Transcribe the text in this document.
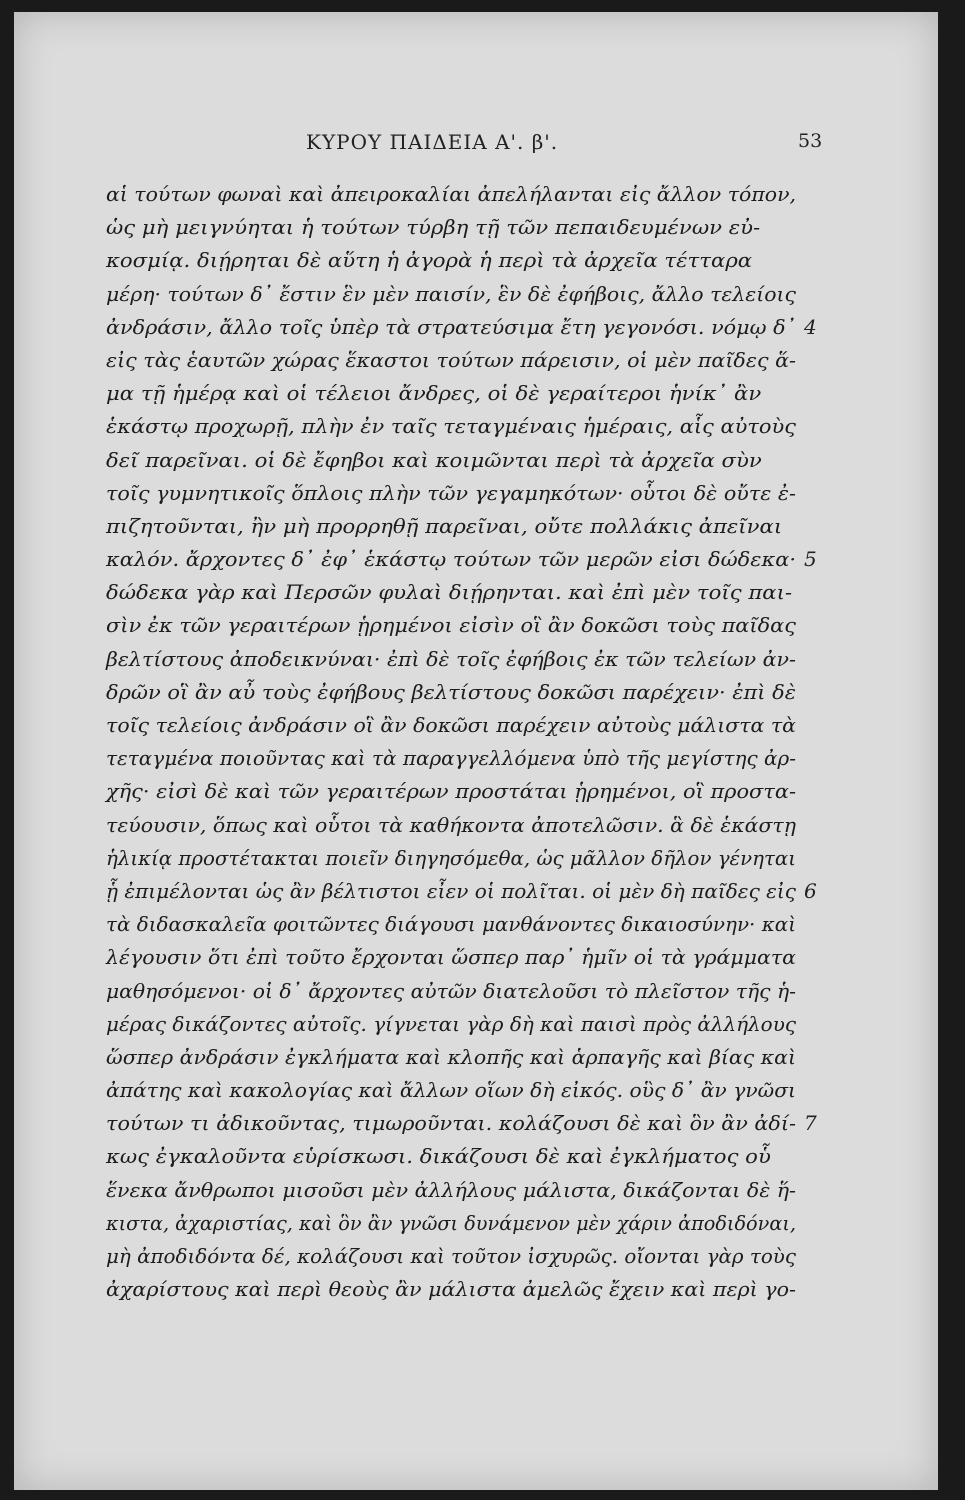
ΚΥΡΟΥ ΠΑΙΔΕΙΑ Α'. β'.	53
αἱ τούτων φωναὶ καὶ ἀπειροκαλίαι ἀπελήλανται εἰς ἄλλον τόπον,
ὡς μὴ μειγνύηται ἡ τούτων τύρβη τῇ τῶν πεπαιδευμένων εὐ-
κοσμίᾳ. διῄρηται δὲ αὕτη ἡ ἀγορὰ ἡ περὶ τὰ ἀρχεῖα τέτταρα
μέρη· τούτων δ᾽ ἔστιν ἓν μὲν παισίν, ἓν δὲ ἐφήβοις, ἄλλο τελείοις
ἀνδράσιν, ἄλλο τοῖς ὑπὲρ τὰ στρατεύσιμα ἔτη γεγονόσι. νόμῳ δ᾽ 4
εἰς τὰς ἑαυτῶν χώρας ἕκαστοι τούτων πάρεισιν, οἱ μὲν παῖδες ἅ-
μα τῇ ἡμέρᾳ καὶ οἱ τέλειοι ἄνδρες, οἱ δὲ γεραίτεροι ἡνίκ᾽ ἂν
ἑκάστῳ προχωρῇ, πλὴν ἐν ταῖς τεταγμέναις ἡμέραις, αἷς αὐτοὺς
δεῖ παρεῖναι. οἱ δὲ ἔφηβοι καὶ κοιμῶνται περὶ τὰ ἀρχεῖα σὺν
τοῖς γυμνητικοῖς ὅπλοις πλὴν τῶν γεγαμηκότων· οὗτοι δὲ οὔτε ἐ-
πιζητοῦνται, ἢν μὴ προρρηθῇ παρεῖναι, οὔτε πολλάκις ἀπεῖναι
καλόν. ἄρχοντες δ᾽ ἐφ᾽ ἑκάστῳ τούτων τῶν μερῶν εἰσι δώδεκα· 5
δώδεκα γὰρ καὶ Περσῶν φυλαὶ διῄρηνται. καὶ ἐπὶ μὲν τοῖς παι-
σὶν ἐκ τῶν γεραιτέρων ᾑρημένοι εἰσὶν οἳ ἂν δοκῶσι τοὺς παῖδας
βελτίστους ἀποδεικνύναι· ἐπὶ δὲ τοῖς ἐφήβοις ἐκ τῶν τελείων ἀν-
δρῶν οἳ ἂν αὖ τοὺς ἐφήβους βελτίστους δοκῶσι παρέχειν· ἐπὶ δὲ
τοῖς τελείοις ἀνδράσιν οἳ ἂν δοκῶσι παρέχειν αὐτοὺς μάλιστα τὰ
τεταγμένα ποιοῦντας καὶ τὰ παραγγελλόμενα ὑπὸ τῆς μεγίστης ἀρ-
χῆς· εἰσὶ δὲ καὶ τῶν γεραιτέρων προστάται ᾑρημένοι, οἳ προστα-
τεύουσιν, ὅπως καὶ οὗτοι τὰ καθήκοντα ἀποτελῶσιν. ἃ δὲ ἑκάστῃ
ἡλικίᾳ προστέτακται ποιεῖν διηγησόμεθα, ὡς μᾶλλον δῆλον γένηται
ᾗ ἐπιμέλονται ὡς ἂν βέλτιστοι εἶεν οἱ πολῖται. οἱ μὲν δὴ παῖδες εἰς 6
τὰ διδασκαλεῖα φοιτῶντες διάγουσι μανθάνοντες δικαιοσύνην· καὶ
λέγουσιν ὅτι ἐπὶ τοῦτο ἔρχονται ὥσπερ παρ᾽ ἡμῖν οἱ τὰ γράμματα
μαθησόμενοι· οἱ δ᾽ ἄρχοντες αὐτῶν διατελοῦσι τὸ πλεῖστον τῆς ἡ-
μέρας δικάζοντες αὐτοῖς. γίγνεται γὰρ δὴ καὶ παισὶ πρὸς ἀλλήλους
ὥσπερ ἀνδράσιν ἐγκλήματα καὶ κλοπῆς καὶ ἁρπαγῆς καὶ βίας καὶ
ἀπάτης καὶ κακολογίας καὶ ἄλλων οἵων δὴ εἰκός. οὓς δ᾽ ἂν γνῶσι
τούτων τι ἀδικοῦντας, τιμωροῦνται. κολάζουσι δὲ καὶ ὃν ἂν ἀδί- 7
κως ἐγκαλοῦντα εὑρίσκωσι. δικάζουσι δὲ καὶ ἐγκλήματος οὗ
ἕνεκα ἄνθρωποι μισοῦσι μὲν ἀλλήλους μάλιστα, δικάζονται δὲ ἥ-
κιστα, ἀχαριστίας, καὶ ὃν ἂν γνῶσι δυνάμενον μὲν χάριν ἀποδιδόναι,
μὴ ἀποδιδόντα δέ, κολάζουσι καὶ τοῦτον ἰσχυρῶς. οἴονται γὰρ τοὺς
ἀχαρίστους καὶ περὶ θεοὺς ἂν μάλιστα ἀμελῶς ἔχειν καὶ περὶ γο-
